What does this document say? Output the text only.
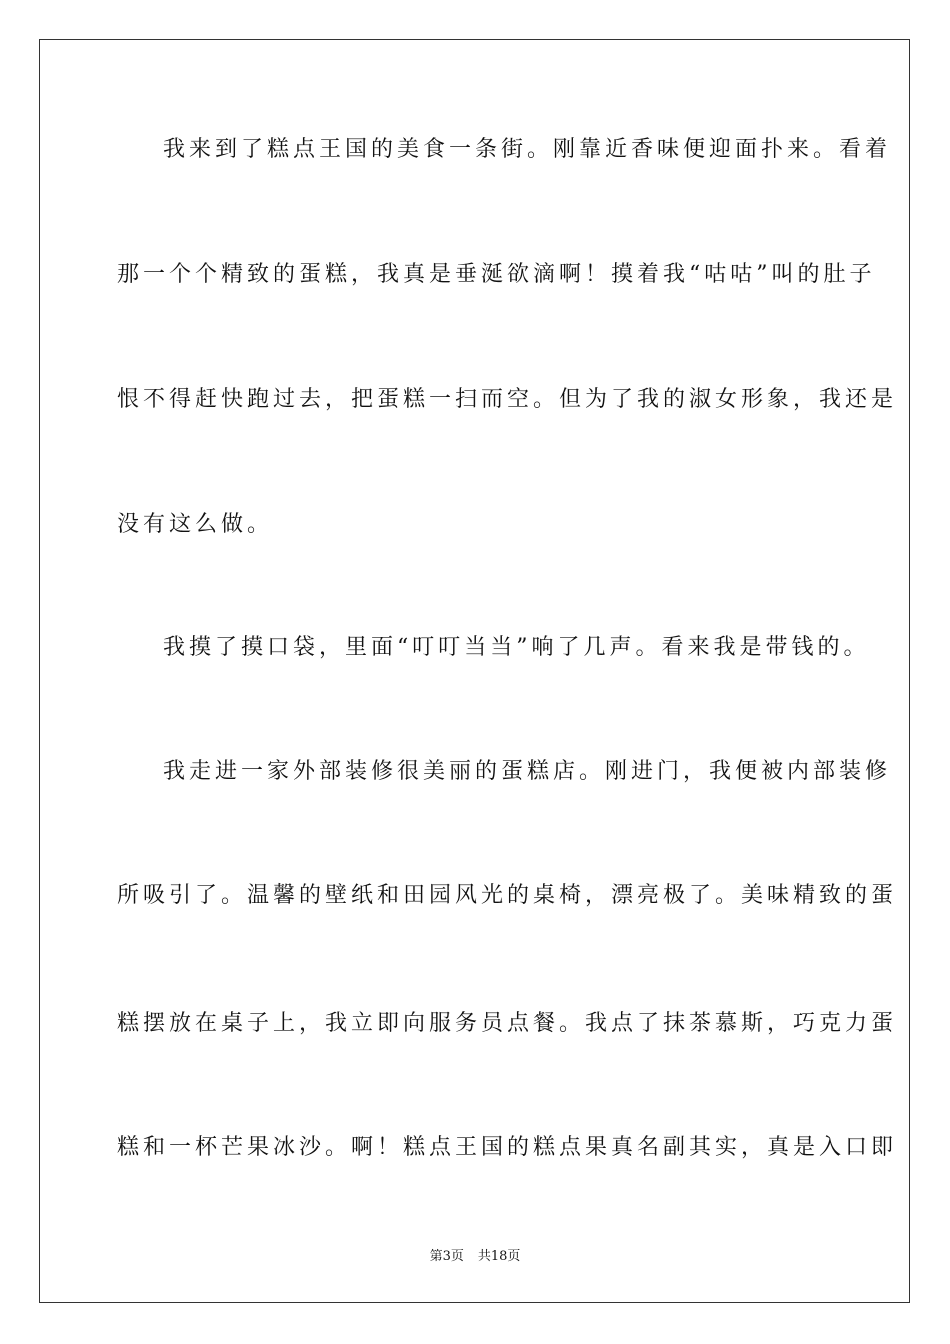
我来到了糕点王国的美食一条街。刚靠近香味便迎面扑来。看着
那一个个精致的蛋糕，我真是垂涎欲滴啊！摸着我“咕咕”叫的肚子
恨不得赶快跑过去，把蛋糕一扫而空。但为了我的淑女形象，我还是
没有这么做。
我摸了摸口袋，里面“叮叮当当”响了几声。看来我是带钱的。
我走进一家外部装修很美丽的蛋糕店。刚进门，我便被内部装修
所吸引了。温馨的壁纸和田园风光的桌椅，漂亮极了。美味精致的蛋
糕摆放在桌子上，我立即向服务员点餐。我点了抹茶慕斯，巧克力蛋
糕和一杯芒果冰沙。啊！糕点王国的糕点果真名副其实，真是入口即
第3页 共18页
